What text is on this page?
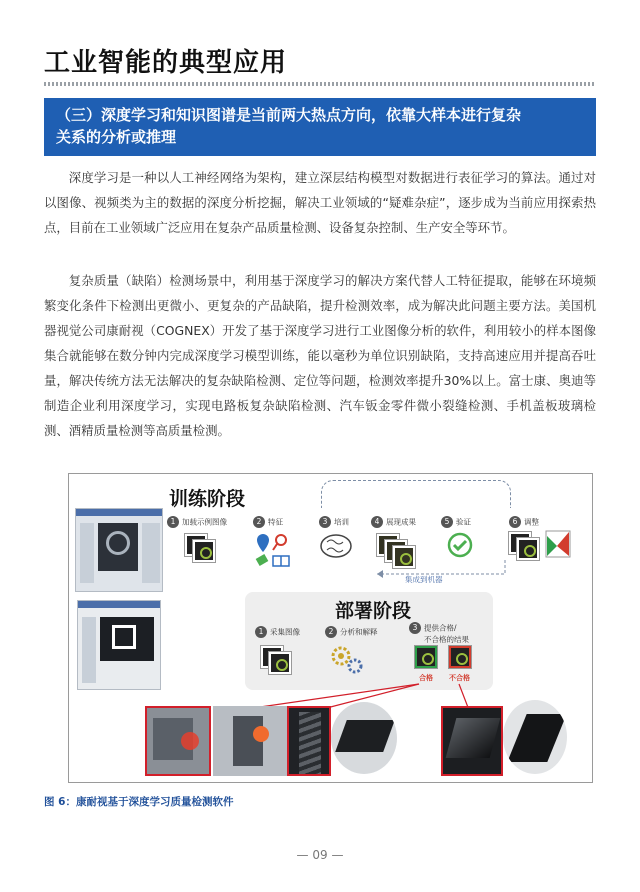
工业智能的典型应用
（三）深度学习和知识图谱是当前两大热点方向，依靠大样本进行复杂
关系的分析或推理

深度学习是一种以人工神经网络为架构，建立深层结构模型对数据进行表征学习的算法。通过对以图像、视频类为主的数据的深度分析挖掘，解决工业领域的“疑难杂症”，逐步成为当前应用探索热点，目前在工业领域广泛应用在复杂产品质量检测、设备复杂控制、生产安全等环节。

复杂质量（缺陷）检测场景中，利用基于深度学习的解决方案代替人工特征提取，能够在环境频繁变化条件下检测出更微小、更复杂的产品缺陷，提升检测效率，成为解决此问题主要方法。美国机器视觉公司康耐视（COGNEX）开发了基于深度学习进行工业图像分析的软件，利用较小的样本图像集合就能够在数分钟内完成深度学习模型训练，能以毫秒为单位识别缺陷，支持高速应用并提高吞吐量，解决传统方法无法解决的复杂缺陷检测、定位等问题，检测效率提升30%以上。富士康、奥迪等制造企业利用深度学习，实现电路板复杂缺陷检测、汽车钣金零件微小裂缝检测、手机盖板玻璃检测、酒精质量检测等高质量检测。

训练阶段
1 加载示例图像	2 特征	3 培训	4 展现成果	5 验证	6 调整
集成到机器
部署阶段
1 采集图像	2 分析和解释	3 提供合格/
不合格的结果
合格 不合格
图 6：康耐视基于深度学习质量检测软件
— 09 —
